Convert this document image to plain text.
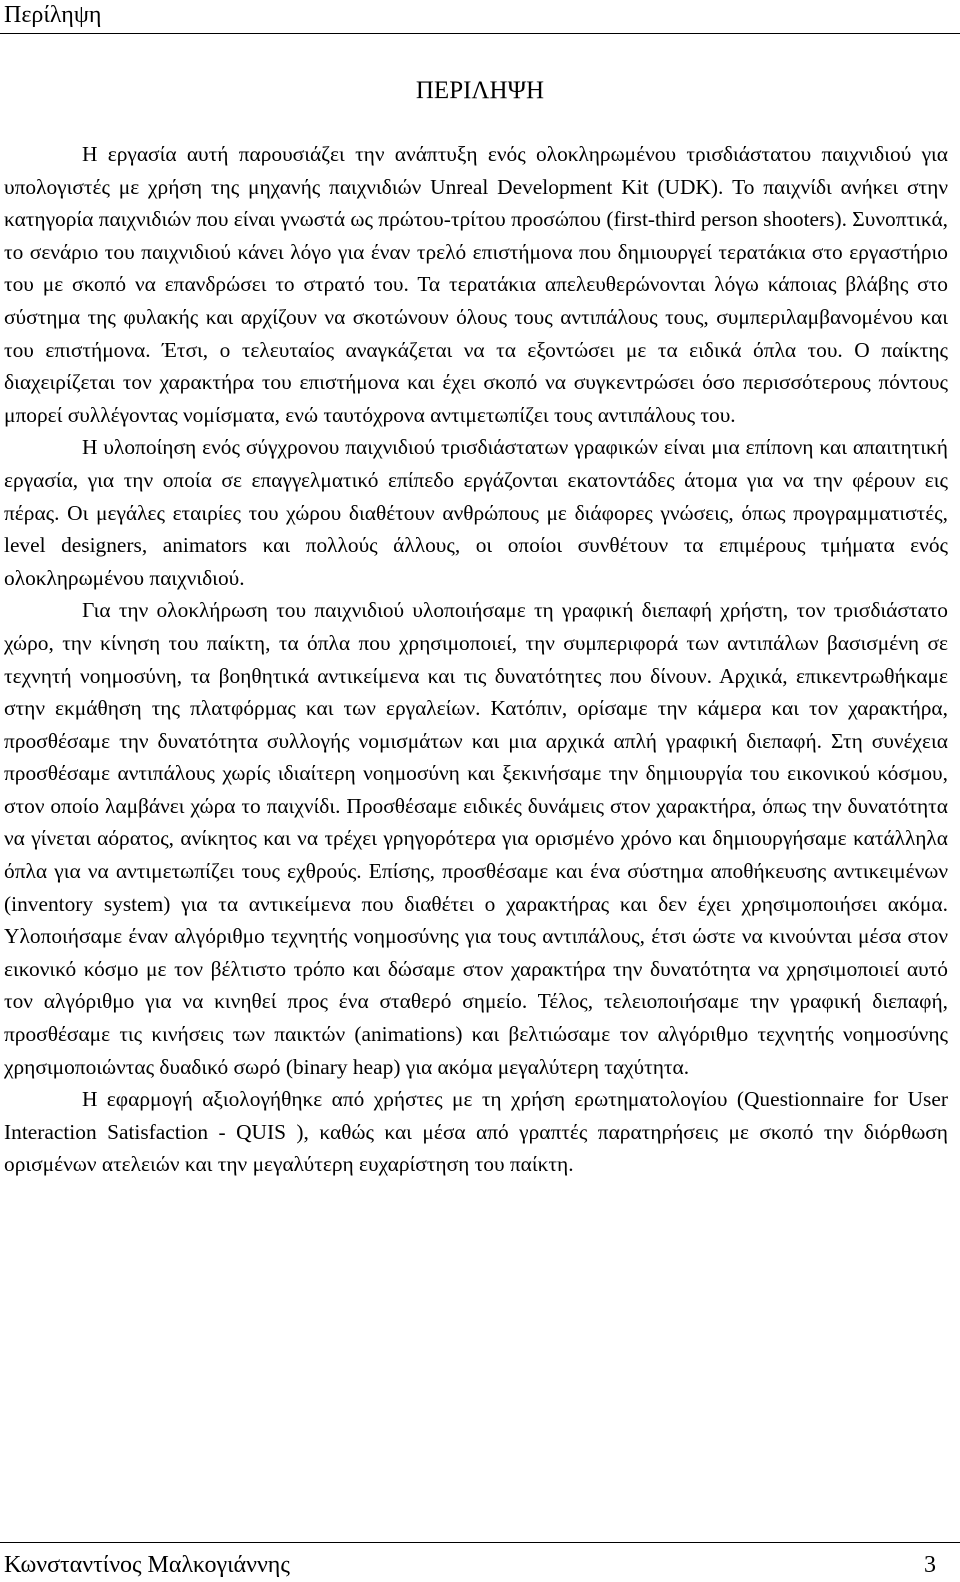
Περίληψη
ΠΕΡΙΛΗΨΗ

Η εργασία αυτή παρουσιάζει την ανάπτυξη ενός ολοκληρωμένου τρισδιάστατου παιχνιδιού για υπολογιστές με χρήση της μηχανής παιχνιδιών Unreal Development Kit (UDK). Το παιχνίδι ανήκει στην κατηγορία παιχνιδιών που είναι γνωστά ως πρώτου-τρίτου προσώπου (first-third person shooters). Συνοπτικά, το σενάριο του παιχνιδιού κάνει λόγο για έναν τρελό επιστήμονα που δημιουργεί τερατάκια στο εργαστήριο του με σκοπό να επανδρώσει το στρατό του. Τα τερατάκια απελευθερώνονται λόγω κάποιας βλάβης στο σύστημα της φυλακής και αρχίζουν να σκοτώνουν όλους τους αντιπάλους τους, συμπεριλαμβανομένου και του επιστήμονα. Έτσι, ο τελευταίος αναγκάζεται να τα εξοντώσει με τα ειδικά όπλα του. Ο παίκτης διαχειρίζεται τον χαρακτήρα του επιστήμονα και έχει σκοπό να συγκεντρώσει όσο περισσότερους πόντους μπορεί συλλέγοντας νομίσματα, ενώ ταυτόχρονα αντιμετωπίζει τους αντιπάλους του.

Η υλοποίηση ενός σύγχρονου παιχνιδιού τρισδιάστατων γραφικών είναι μια επίπονη και απαιτητική εργασία, για την οποία σε επαγγελματικό επίπεδο εργάζονται εκατοντάδες άτομα για να την φέρουν εις πέρας. Οι μεγάλες εταιρίες του χώρου διαθέτουν ανθρώπους με διάφορες γνώσεις, όπως προγραμματιστές, level designers, animators και πολλούς άλλους, οι οποίοι συνθέτουν τα επιμέρους τμήματα ενός ολοκληρωμένου παιχνιδιού.

Για την ολοκλήρωση του παιχνιδιού υλοποιήσαμε τη γραφική διεπαφή χρήστη, τον τρισδιάστατο χώρο, την κίνηση του παίκτη, τα όπλα που χρησιμοποιεί, την συμπεριφορά των αντιπάλων βασισμένη σε τεχνητή νοημοσύνη, τα βοηθητικά αντικείμενα και τις δυνατότητες που δίνουν. Αρχικά, επικεντρωθήκαμε στην εκμάθηση της πλατφόρμας και των εργαλείων. Κατόπιν, ορίσαμε την κάμερα και τον χαρακτήρα, προσθέσαμε την δυνατότητα συλλογής νομισμάτων και μια αρχικά απλή γραφική διεπαφή. Στη συνέχεια προσθέσαμε αντιπάλους χωρίς ιδιαίτερη νοημοσύνη και ξεκινήσαμε την δημιουργία του εικονικού κόσμου, στον οποίο λαμβάνει χώρα το παιχνίδι. Προσθέσαμε ειδικές δυνάμεις στον χαρακτήρα, όπως την δυνατότητα να γίνεται αόρατος, ανίκητος και να τρέχει γρηγορότερα για ορισμένο χρόνο και δημιουργήσαμε κατάλληλα όπλα για να αντιμετωπίζει τους εχθρούς. Επίσης, προσθέσαμε και ένα σύστημα αποθήκευσης αντικειμένων (inventory system) για τα αντικείμενα που διαθέτει ο χαρακτήρας και δεν έχει χρησιμοποιήσει ακόμα. Υλοποιήσαμε έναν αλγόριθμο τεχνητής νοημοσύνης για τους αντιπάλους, έτσι ώστε να κινούνται μέσα στον εικονικό κόσμο με τον βέλτιστο τρόπο και δώσαμε στον χαρακτήρα την δυνατότητα να χρησιμοποιεί αυτό τον αλγόριθμο για να κινηθεί προς ένα σταθερό σημείο. Τέλος, τελειοποιήσαμε την γραφική διεπαφή, προσθέσαμε τις κινήσεις των παικτών (animations) και βελτιώσαμε τον αλγόριθμο τεχνητής νοημοσύνης χρησιμοποιώντας δυαδικό σωρό (binary heap) για ακόμα μεγαλύτερη ταχύτητα.

Η εφαρμογή αξιολογήθηκε από χρήστες με τη χρήση ερωτηματολογίου (Questionnaire for User Interaction Satisfaction - QUIS ), καθώς και μέσα από γραπτές παρατηρήσεις με σκοπό την διόρθωση ορισμένων ατελειών και την μεγαλύτερη ευχαρίστηση του παίκτη.

Κωνσταντίνος Μαλκογιάννης	3
